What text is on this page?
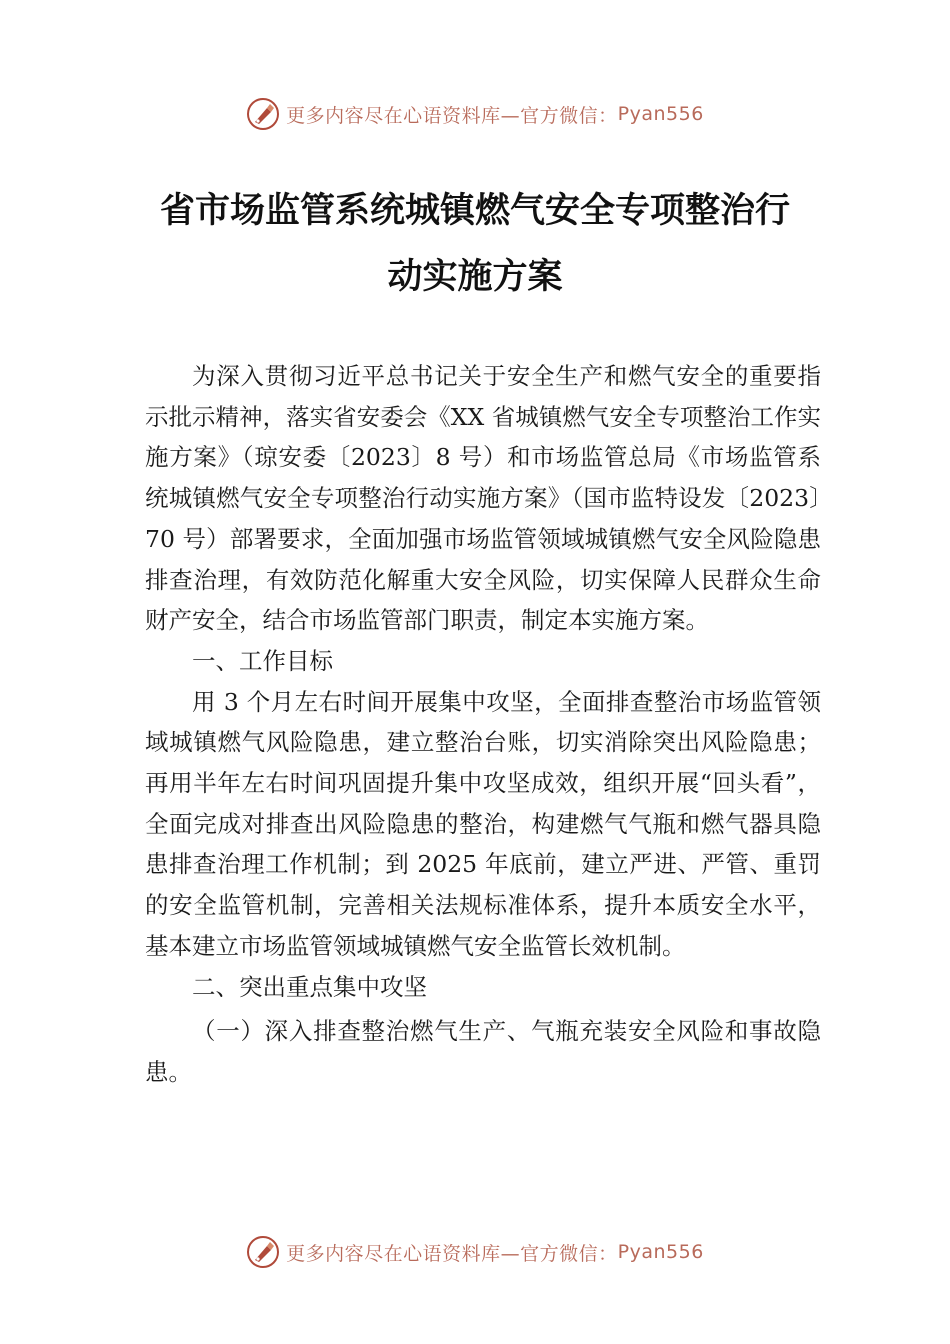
更多内容尽在心语资料库—官方微信： Pyan556
省市场监管系统城镇燃气安全专项整治行
动实施方案

为深入贯彻习近平总书记关于安全生产和燃气安全的重要指示批示精神，落实省安委会《XX 省城镇燃气安全专项整治工作实施方案》（琼安委〔2023〕8 号）和市场监管总局《市场监管系统城镇燃气安全专项整治行动实施方案》（国市监特设发〔2023〕70 号）部署要求，全面加强市场监管领域城镇燃气安全风险隐患排查治理，有效防范化解重大安全风险，切实保障人民群众生命财产安全，结合市场监管部门职责，制定本实施方案。

一、工作目标

用 3 个月左右时间开展集中攻坚，全面排查整治市场监管领域城镇燃气风险隐患，建立整治台账，切实消除突出风险隐患；再用半年左右时间巩固提升集中攻坚成效，组织开展“回头看”，全面完成对排查出风险隐患的整治，构建燃气气瓶和燃气器具隐患排查治理工作机制；到 2025 年底前，建立严进、严管、重罚的安全监管机制，完善相关法规标准体系，提升本质安全水平，基本建立市场监管领域城镇燃气安全监管长效机制。

二、突出重点集中攻坚

（一）深入排查整治燃气生产、气瓶充装安全风险和事故隐患。

更多内容尽在心语资料库—官方微信： Pyan556
